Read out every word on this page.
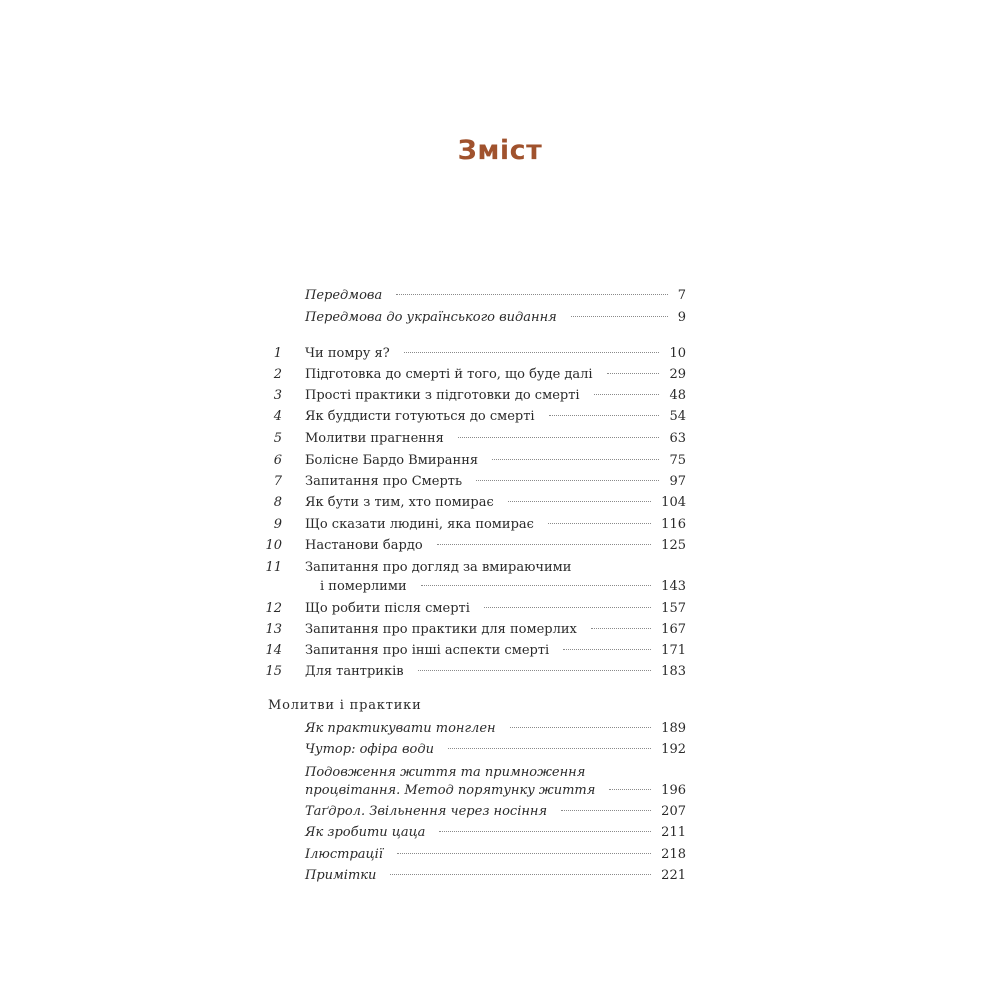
Зміст
Передмова	7
Передмова до українського видання	9
1 Чи помру я?	10
2 Підготовка до смерті й того, що буде далі	29
3 Прості практики з підготовки до смерті	48
4 Як буддисти готуються до смерті	54
5 Молитви прагнення	63
6 Болісне Бардо Вмирання	75
7 Запитання про Смерть	97
8 Як бути з тим, хто помирає	104
9 Що сказати людині, яка помирає	116
10 Настанови бардо	125
11 Запитання про догляд за вмираючими
і померлими	143
12 Що робити після смерті	157
13 Запитання про практики для померлих	167
14 Запитання про інші аспекти смерті	171
15 Для тантриків	183
Молитви і практики
Як практикувати тонглен	189
Чутор: офіра води	192
Подовження життя та примноження
процвітання. Метод порятунку життя	196
Таґдрол. Звільнення через носіння	207
Як зробити цаца	211
Ілюстрації	218
Примітки	221
